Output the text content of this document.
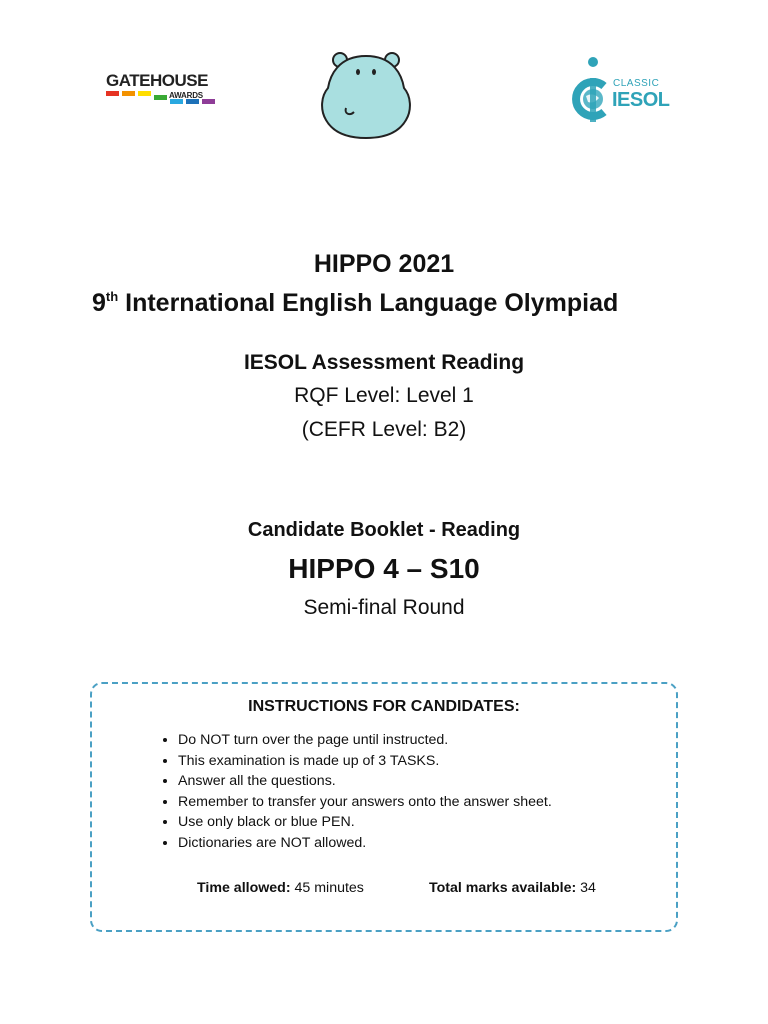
GATEHOUSE
AWARDS
CLASSIC
IESOL
HIPPO 2021
9th International English Language Olympiad
IESOL Assessment Reading
RQF Level: Level 1
(CEFR Level: B2)
Candidate Booklet - Reading
HIPPO 4 – S10
Semi-final Round
INSTRUCTIONS FOR CANDIDATES:
• Do NOT turn over the page until instructed.
• This examination is made up of 3 TASKS.
• Answer all the questions.
• Remember to transfer your answers onto the answer sheet.
• Use only black or blue PEN.
• Dictionaries are NOT allowed.
Time allowed: 45 minutes	Total marks available: 34
